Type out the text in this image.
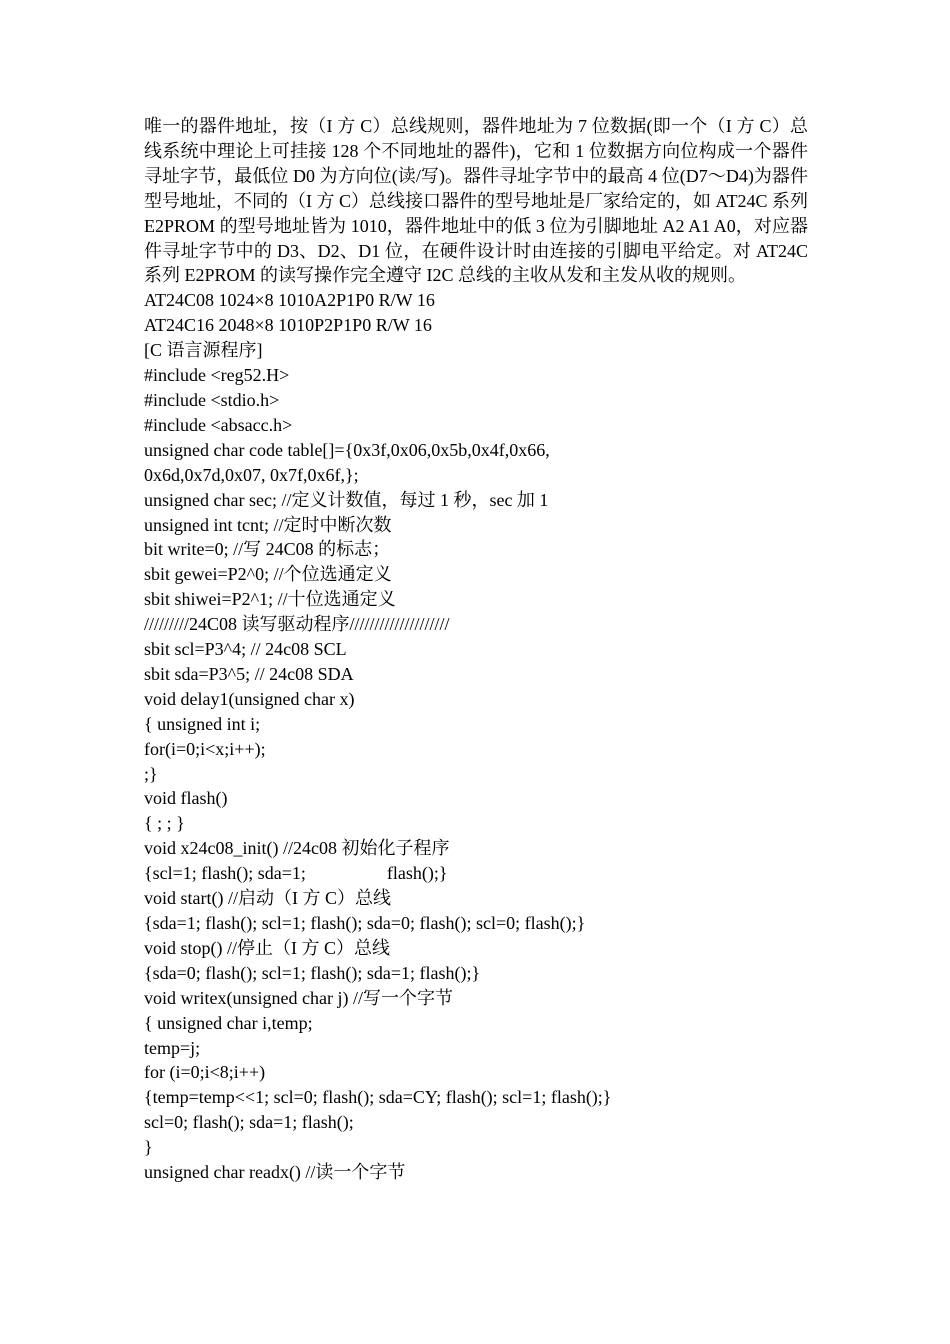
唯一的器件地址，按（I 方 C）总线规则，器件地址为 7 位数据(即一个（I 方 C）总线系统中理论上可挂接 128 个不同地址的器件)，它和 1 位数据方向位构成一个器件寻址字节，最低位 D0 为方向位(读/写)。器件寻址字节中的最高 4 位(D7～D4)为器件型号地址，不同的（I 方 C）总线接口器件的型号地址是厂家给定的，如 AT24C 系列 E2PROM 的型号地址皆为 1010，器件地址中的低 3 位为引脚地址 A2 A1 A0，对应器件寻址字节中的 D3、D2、D1 位，在硬件设计时由连接的引脚电平给定。对 AT24C 系列 E2PROM 的读写操作完全遵守 I2C 总线的主收从发和主发从收的规则。

AT24C08 1024×8 1010A2P1P0 R/W 16

AT24C16 2048×8 1010P2P1P0 R/W 16

[C 语言源程序]

#include <reg52.H>

#include <stdio.h>

#include <absacc.h>

unsigned char code table[]={0x3f,0x06,0x5b,0x4f,0x66,

0x6d,0x7d,0x07, 0x7f,0x6f,};

unsigned char sec; //定义计数值，每过 1 秒，sec 加 1

unsigned int tcnt; //定时中断次数

bit write=0; //写 24C08 的标志；

sbit gewei=P2^0; //个位选通定义

sbit shiwei=P2^1; //十位选通定义

/////////24C08 读写驱动程序////////////////////

sbit scl=P3^4; // 24c08 SCL

sbit sda=P3^5; // 24c08 SDA

void delay1(unsigned char x)

{ unsigned int i;

for(i=0;i<x;i++);

;}

void flash()

{ ; ; }

void x24c08_init() //24c08 初始化子程序

{scl=1; flash(); sda=1;                  flash();}

void start() //启动（I 方 C）总线

{sda=1; flash(); scl=1; flash(); sda=0; flash(); scl=0; flash();}

void stop() //停止（I 方 C）总线

{sda=0; flash(); scl=1; flash(); sda=1; flash();}

void writex(unsigned char j) //写一个字节

{ unsigned char i,temp;

temp=j;

for (i=0;i<8;i++)

{temp=temp<<1; scl=0; flash(); sda=CY; flash(); scl=1; flash();}

scl=0; flash(); sda=1; flash();

}

unsigned char readx() //读一个字节
